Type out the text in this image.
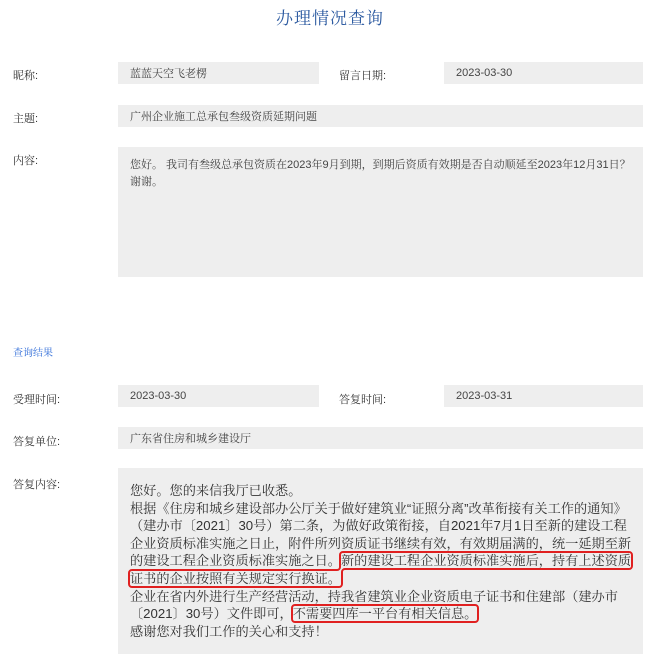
办理情况查询
昵称:	蓝蓝天空飞老楞	留言日期:	2023-03-30
主题:	广州企业施工总承包叁级资质延期问题
内容:	您好。 我司有叁级总承包资质在2023年9月到期，到期后资质有效期是否自动顺延至2023年12月31日？ 谢谢。
查询结果
受理时间:	2023-03-30	答复时间:	2023-03-31
答复单位:	广东省住房和城乡建设厅
答复内容:	您好。您的来信我厅已收悉。

根据《住房和城乡建设部办公厅关于做好建筑业“证照分离”改革衔接有关工作的通知》（建办市〔2021〕30号）第二条，为做好政策衔接，自2021年7月1日至新的建设工程企业资质标准实施之日止，附件所列资质证书继续有效，有效期届满的，统一延期至新的建设工程企业资质标准实施之日。新的建设工程企业资质标准实施后，持有上述资质证书的企业按照有关规定实行换证。

企业在省内外进行生产经营活动，持我省建筑业企业资质电子证书和住建部（建办市〔2021〕30号）文件即可，不需要四库一平台有相关信息。

感谢您对我们工作的关心和支持！
